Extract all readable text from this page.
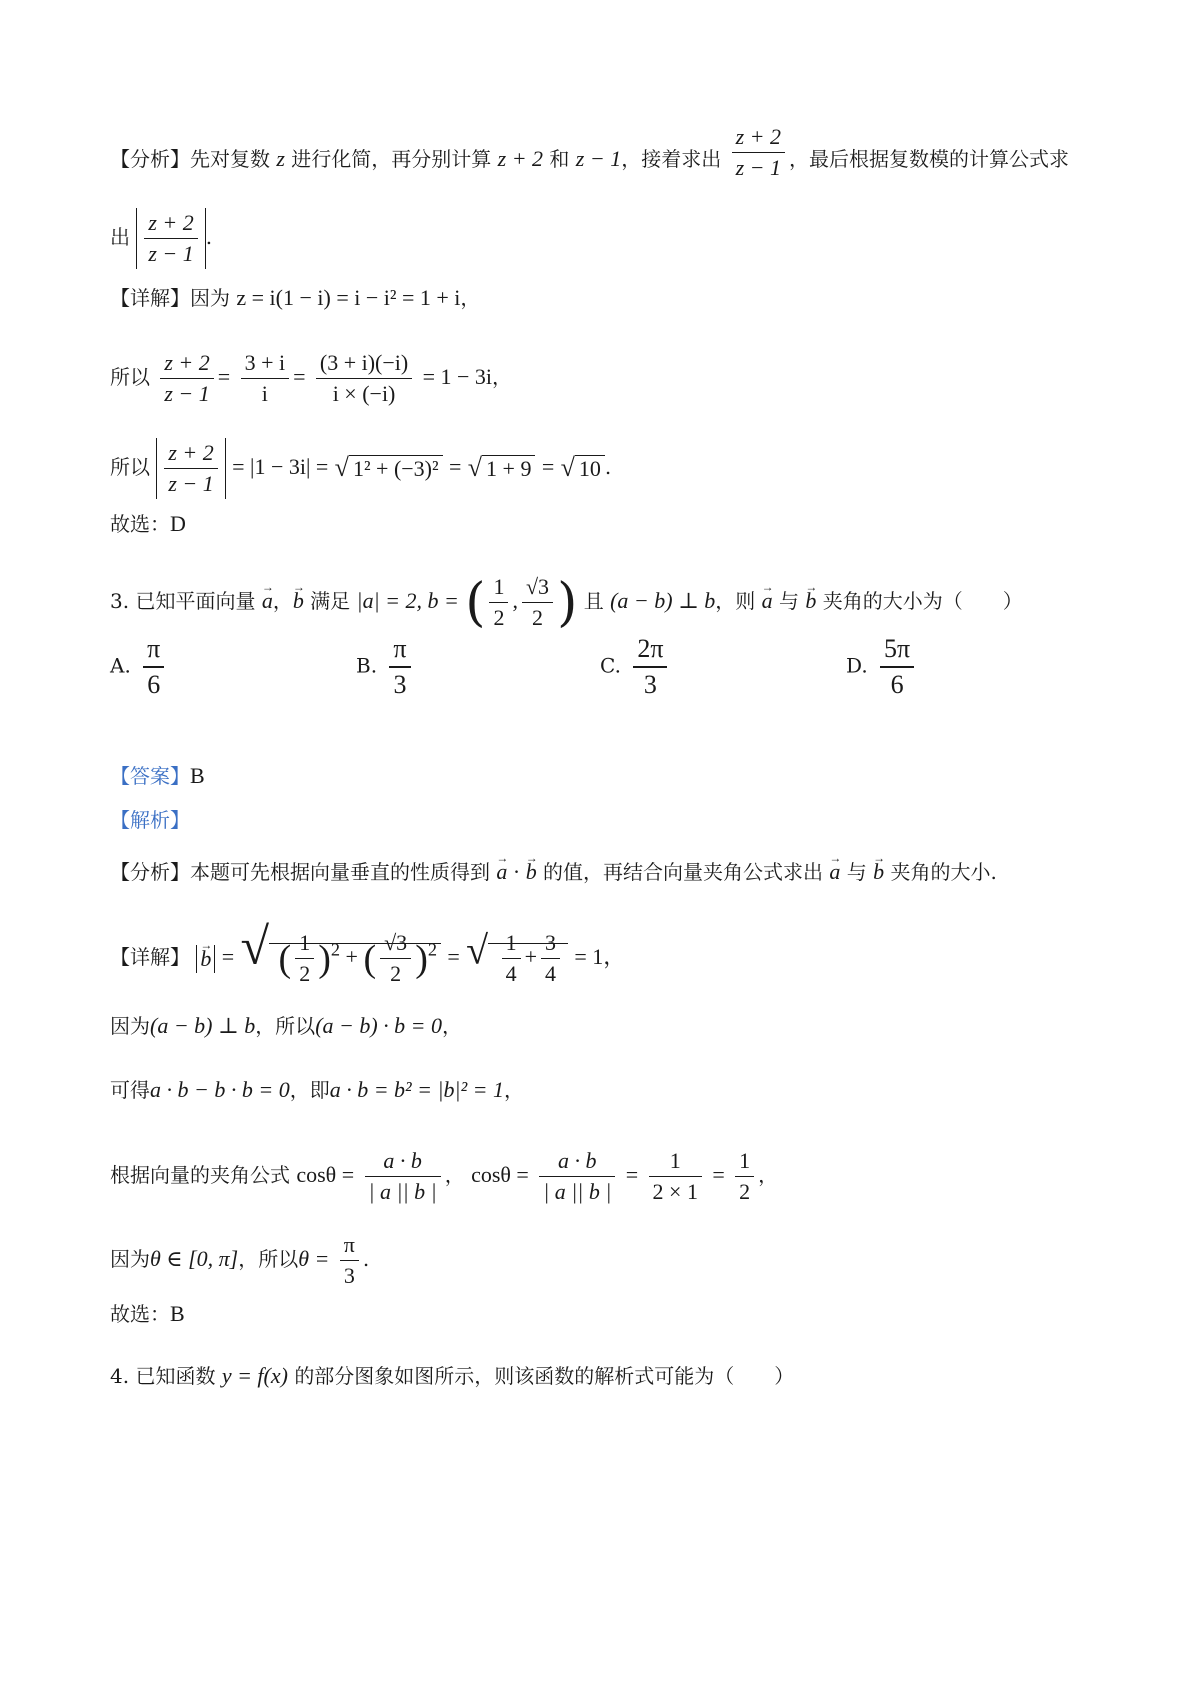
【分析】先对复数 z 进行化简，再分别计算 z + 2 和 z − 1，接着求出 $\frac{z + 2}{z - 1}$ ，最后根据复数模的计算公式求
出 $\frac{z + 2}{z - 1}$ .
【详解】因为 z = i(1 − i) = i − i² = 1 + i，
所以 $\frac{z + 2}{z - 1} = \frac{3 + i}{i} = \frac{(3 + i)(-i)}{i \times (-i)} = 1 - 3i$，
所以 $\frac{z + 2}{z - 1} = |1 - 3i|$ = √ 1² + (−3)² = √ 1 + 9 = √ 10 .
故选：D
3. 已知平面向量 → a，→ b 满足 |a| = 2, b = ( $\frac{1}{2}$ , $\frac{√3}{2}$ ) 且 (a − b) ⊥ b，则 → a 与 → b 夹角的大小为（　　）
A. $\frac{\pi}{6}$	B. $\frac{\pi}{3}$	C. $\frac{2\pi}{3}$	D. $\frac{5\pi}{6}$
【答案】B
【解析】
【分析】本题可先根据向量垂直的性质得到 → a · → b 的值，再结合向量夹角公式求出 → a 与 → b 夹角的大小.
【详解】 → b = √ ( $\frac{1}{2} )^2$ + ( $\frac{√3}{2} )^2$ = √ $\frac{1}{4} + \frac{3}{4} = 1$，
因为(a − b) ⊥ b，所以(a − b) · b = 0，
可得a · b − b · b = 0，即a · b = b² = |b|² = 1，
根据向量的夹角公式 $\cos\theta = \frac{a \cdot b}{| a || b |}$ ， $\cos\theta = \frac{a \cdot b}{| a || b |} = \frac{1}{2 \times 1} = \frac{1}{2}$ ，
因为θ ∈ [0, π]，所以$\theta = \frac{\pi}{3}$ .
故选：B
4. 已知函数 y = f(x) 的部分图象如图所示，则该函数的解析式可能为（　　）
